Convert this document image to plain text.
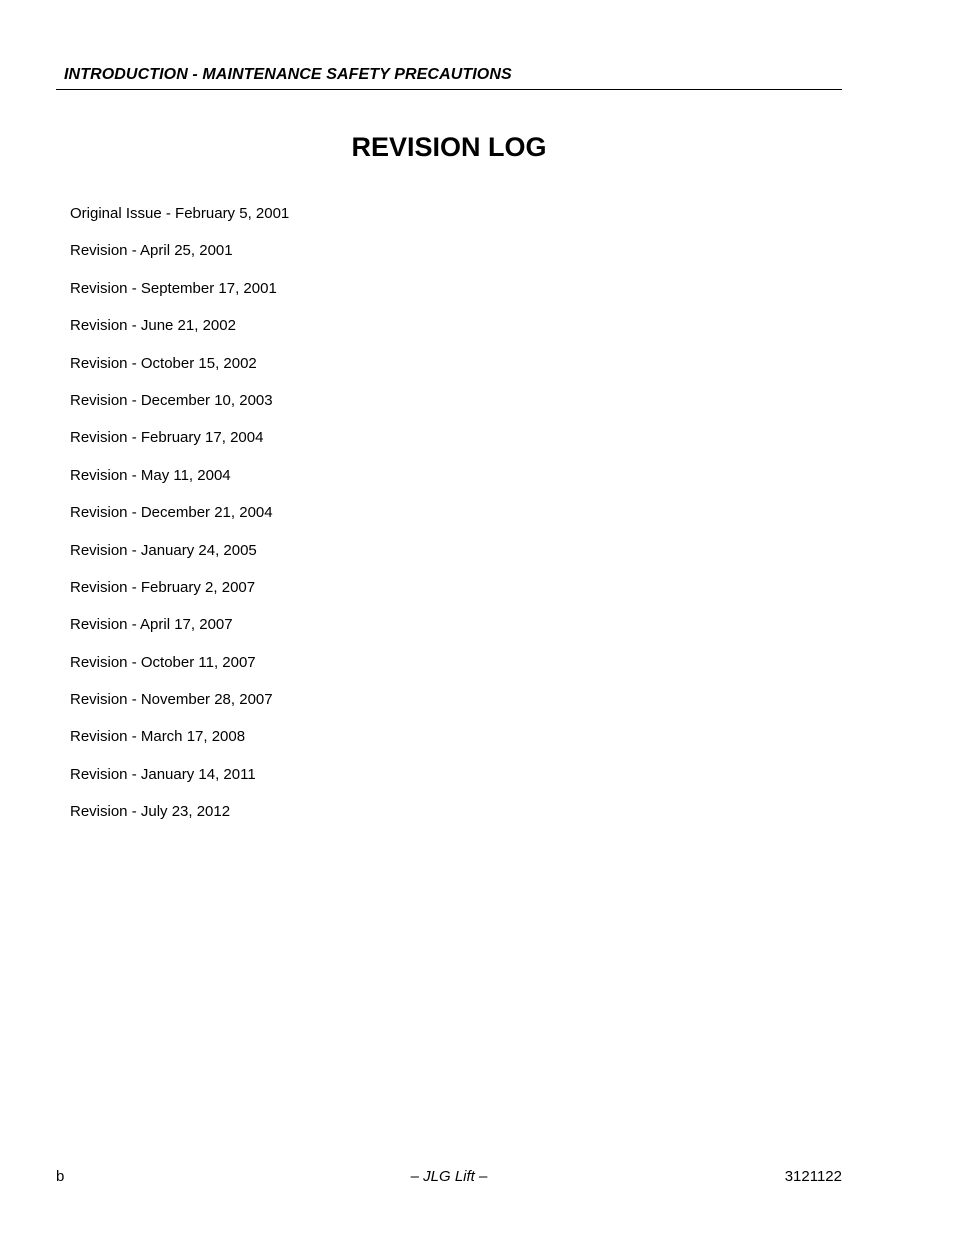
INTRODUCTION - MAINTENANCE SAFETY PRECAUTIONS
REVISION LOG
Original Issue - February 5, 2001
Revision - April 25, 2001
Revision - September 17, 2001
Revision - June 21, 2002
Revision - October 15, 2002
Revision - December 10, 2003
Revision - February 17, 2004
Revision - May 11, 2004
Revision - December 21, 2004
Revision - January 24, 2005
Revision - February 2, 2007
Revision - April 17, 2007
Revision - October 11, 2007
Revision - November 28, 2007
Revision - March 17, 2008
Revision - January 14, 2011
Revision - July 23, 2012
b	– JLG Lift –	3121122
